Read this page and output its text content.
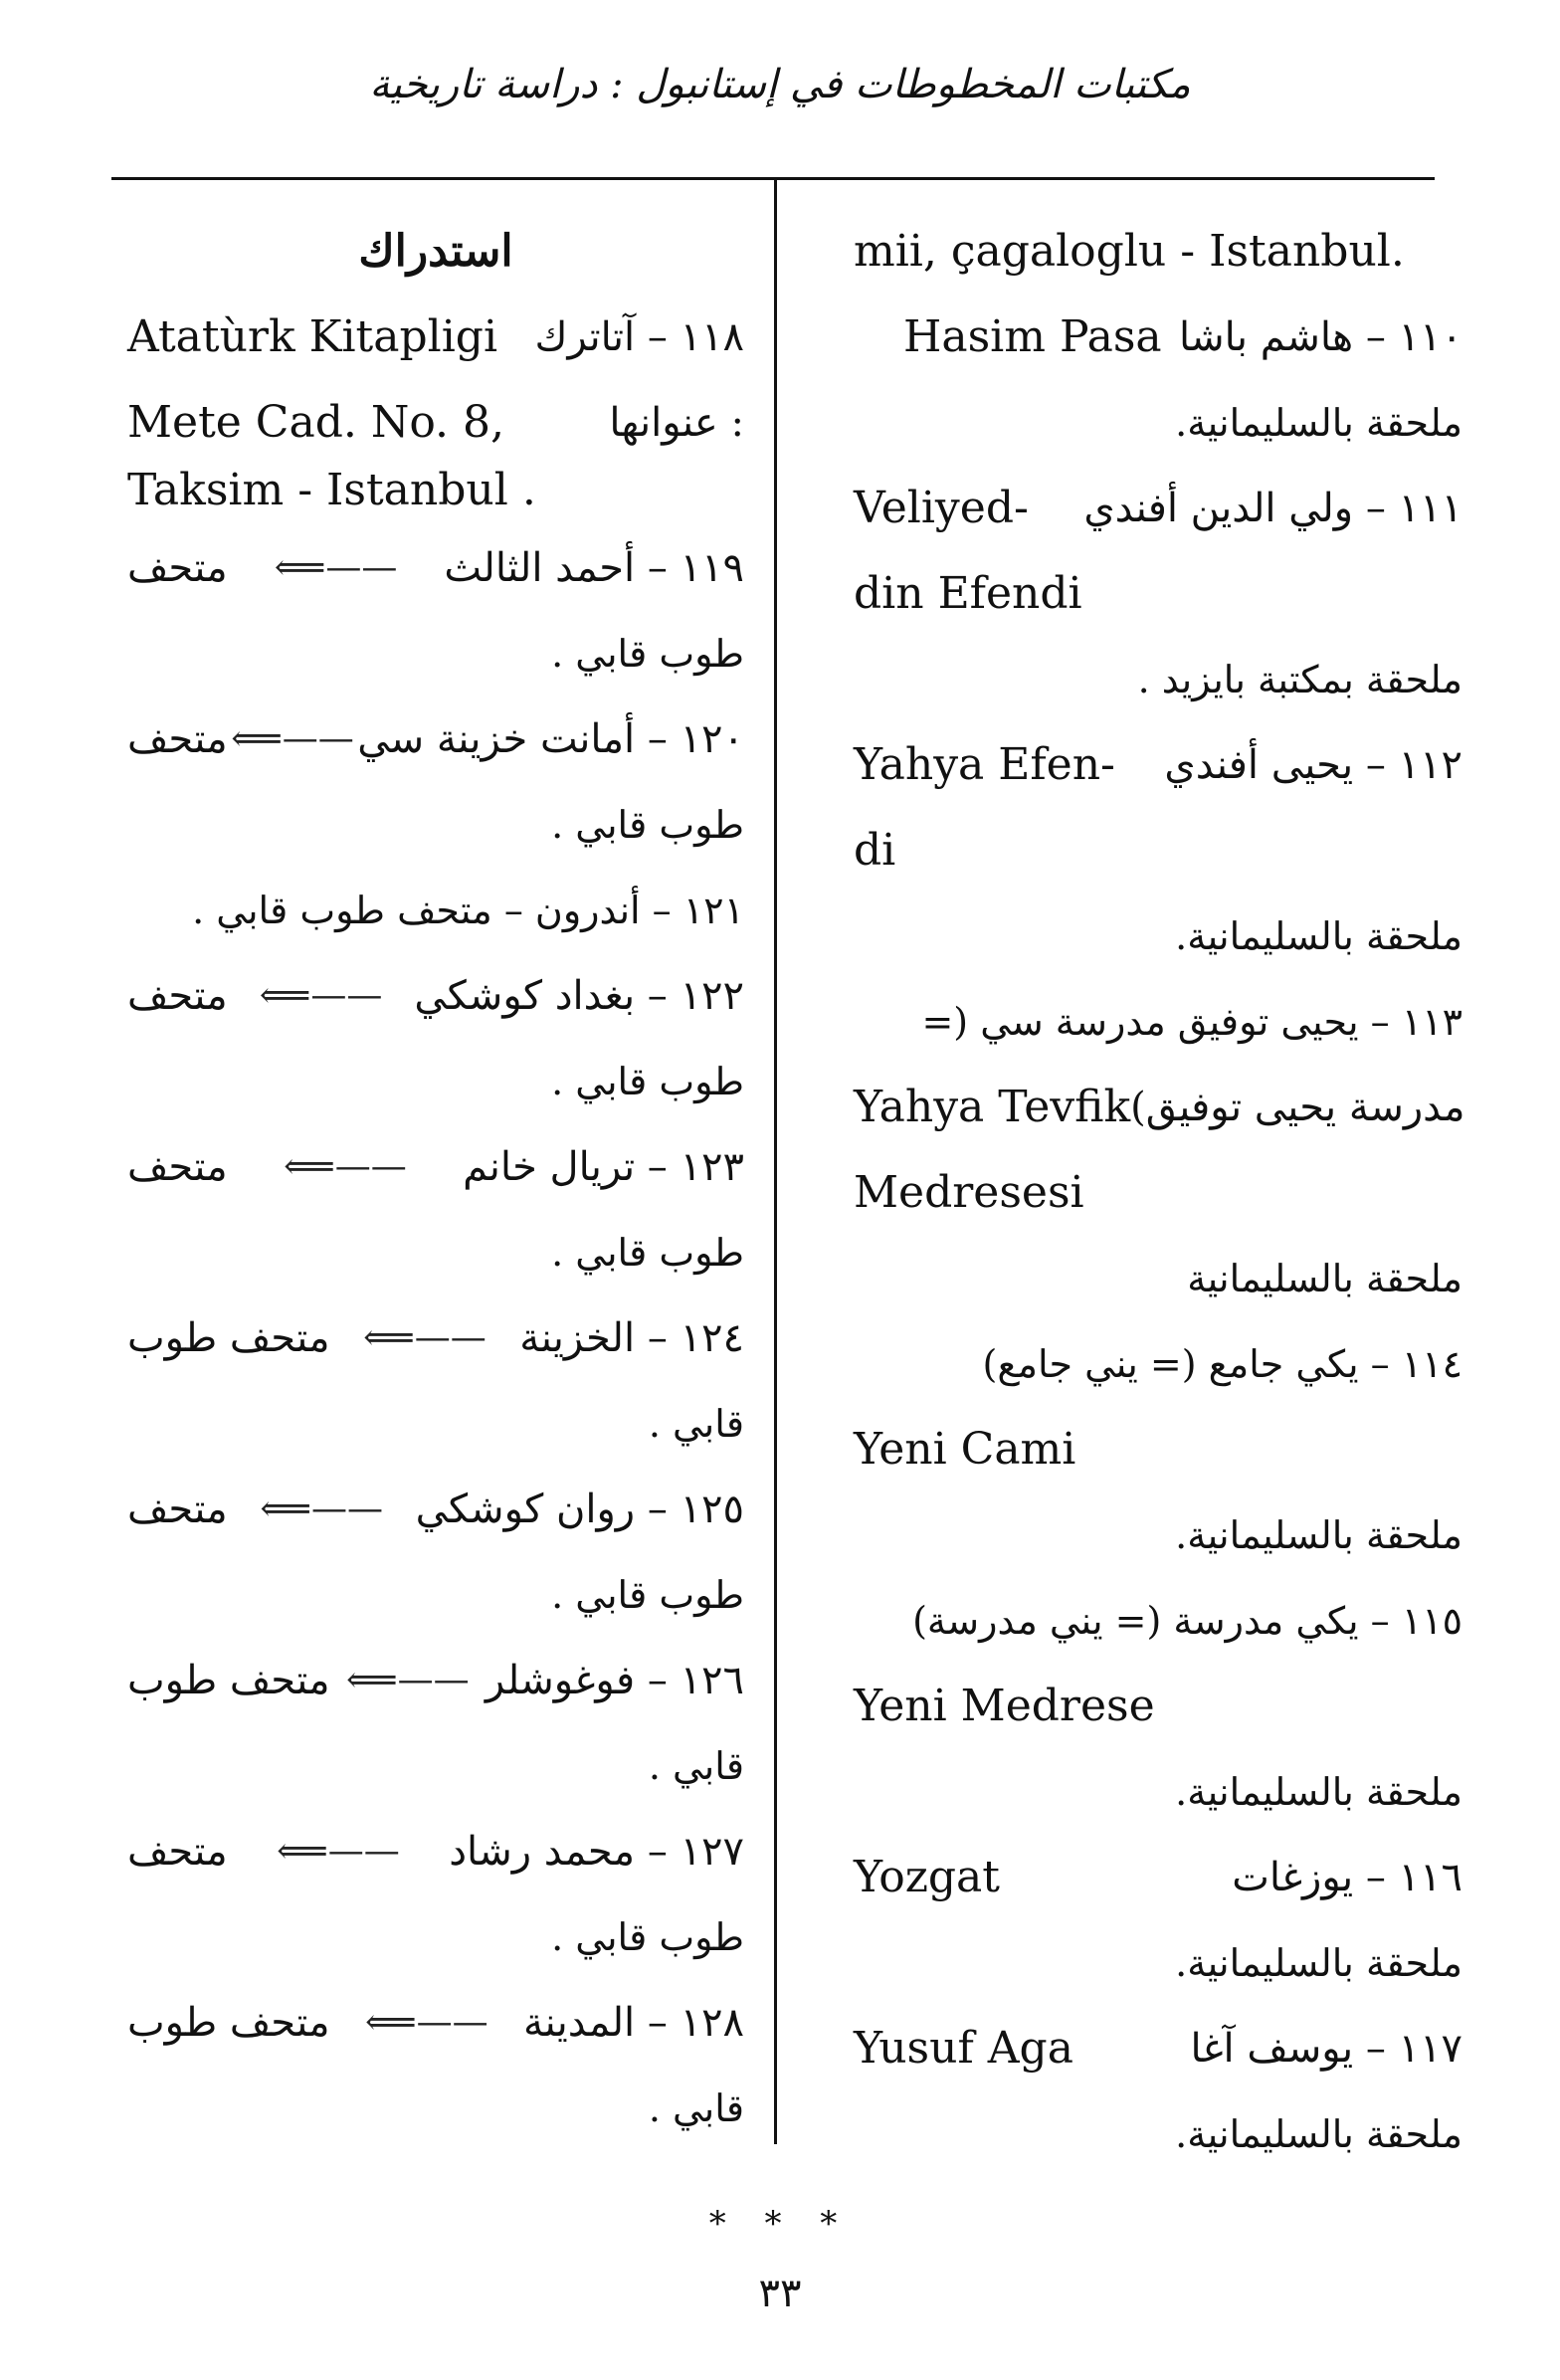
مكتبات المخطوطات في إستانبول : دراسة تاريخية
mii, çagaloglu - Istanbul.
Hasim Pasa ١١٠ – هاشم باشا
ملحقة بالسليمانية.
Veliyed- ١١١ – ولي الدين أفندي
din Efendi
ملحقة بمكتبة بايزيد .
Yahya Efen- ١١٢ – يحيى أفندي
di
ملحقة بالسليمانية.
١١٣ – يحيى توفيق مدرسة سي (=
Yahya Tevfik مدرسة يحيى توفيق)
Medresesi
ملحقة بالسليمانية
١١٤ – يكي جامع (= يني جامع)
Yeni Cami
ملحقة بالسليمانية.
١١٥ – يكي مدرسة (= يني مدرسة)
Yeni Medrese
ملحقة بالسليمانية.
Yozgat	١١٦ – يوزغات
ملحقة بالسليمانية.
Yusuf Aga	١١٧ – يوسف آغا
ملحقة بالسليمانية.
استدراك
Atatùrk Kitapligi ١١٨ – آتاترك
Mete Cad. No. 8,	: عنوانها
Taksim - Istanbul .
متحف ⟸—— ١١٩ – أحمد الثالث
طوب قابي .
متحف ⟸—— ١٢٠ – أمانت خزينة سي
طوب قابي .
١٢١ – أندرون – متحف طوب قابي .
متحف ⟸—— ١٢٢ – بغداد كوشكي
طوب قابي .
متحف ⟸—— ١٢٣ – تريال خانم
طوب قابي .
متحف طوب ⟸—— ١٢٤ – الخزينة
قابي .
متحف ⟸—— ١٢٥ – روان كوشكي
طوب قابي .
متحف طوب ⟸—— ١٢٦ – فوغوشلر
قابي .
متحف ⟸—— ١٢٧ – محمد رشاد
طوب قابي .
متحف طوب ⟸—— ١٢٨ – المدينة
قابي .
* * *
٣٣
